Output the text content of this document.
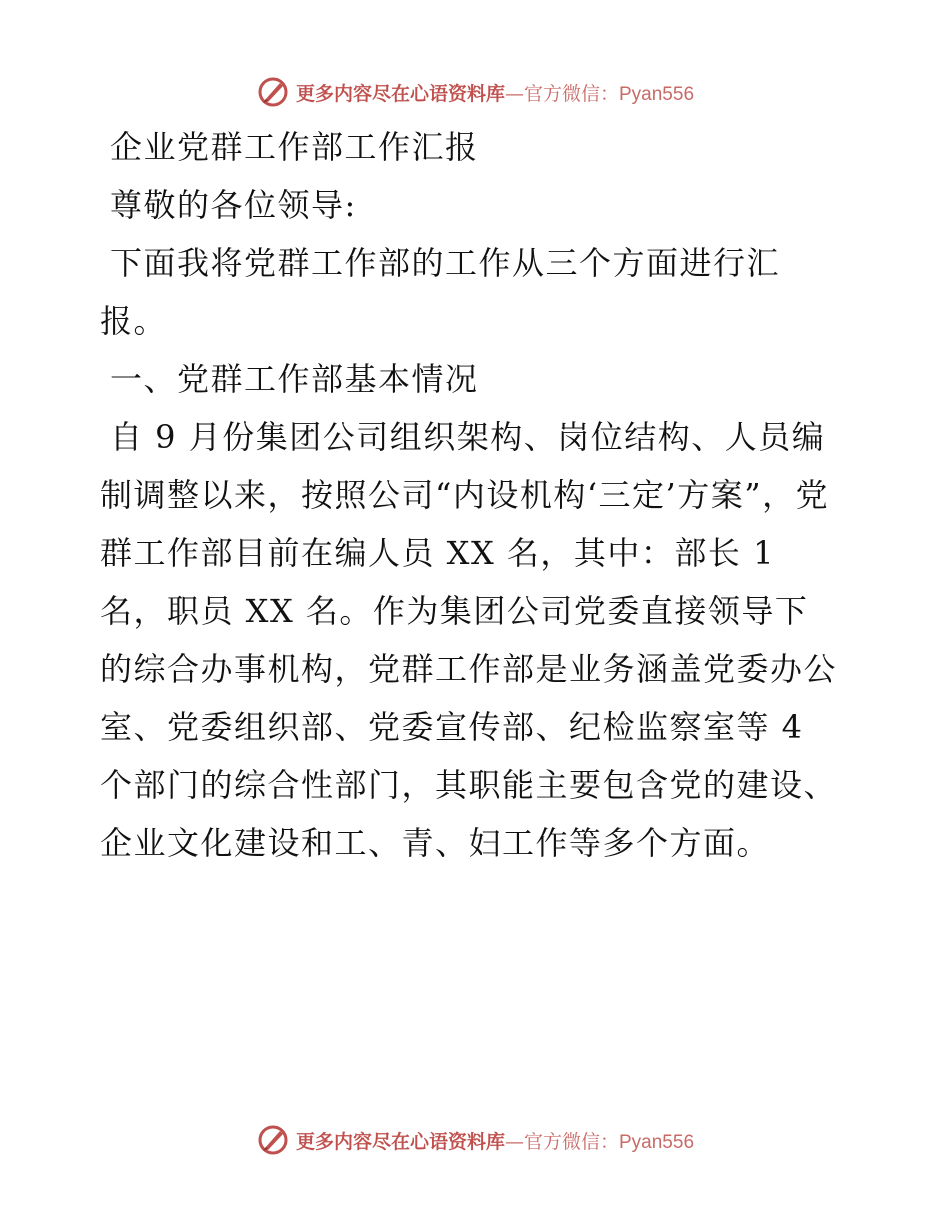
更多内容尽在心语资料库—官方微信：Pyan556

企业党群工作部工作汇报

尊敬的各位领导:

下面我将党群工作部的工作从三个方面进行汇报。

一、党群工作部基本情况

自 9 月份集团公司组织架构、岗位结构、人员编制调整以来，按照公司“内设机构‘三定’方案”，党群工作部目前在编人员 XX 名，其中：部长 1 名，职员 XX 名。作为集团公司党委直接领导下的综合办事机构，党群工作部是业务涵盖党委办公室、党委组织部、党委宣传部、纪检监察室等 4 个部门的综合性部门，其职能主要包含党的建设、企业文化建设和工、青、妇工作等多个方面。

更多内容尽在心语资料库—官方微信：Pyan556
